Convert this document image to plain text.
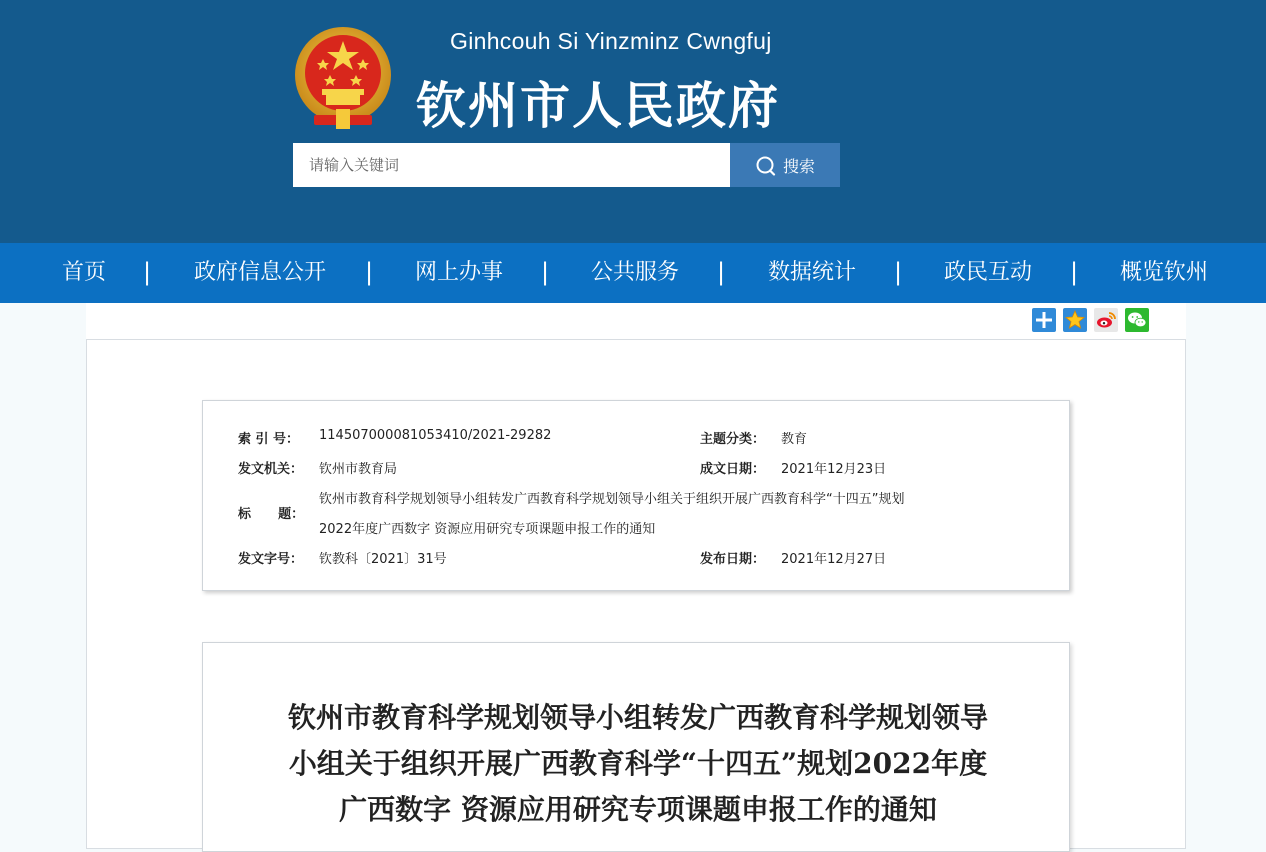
Ginhcouh Si Yinzminz Cwngfuj
钦州市人民政府
请输入关键词
搜索
首页 | 政府信息公开 | 网上办事 | 公共服务 | 数据统计 | 政民互动 | 概览钦州
索 引 号： 114507000081053410/2021-29282	主题分类： 教育
发文机关： 钦州市教育局	成文日期： 2021年12月23日
标      题：
钦州市教育科学规划领导小组转发广西教育科学规划领导小组关于组织开展广西教育科学“十四五”规划
2022年度广西数字 资源应用研究专项课题申报工作的通知
发文字号： 钦教科〔2021〕31号	发布日期： 2021年12月27日
钦州市教育科学规划领导小组转发广西教育科学规划领导
小组关于组织开展广西教育科学“十四五”规划2022年度
广西数字 资源应用研究专项课题申报工作的通知
